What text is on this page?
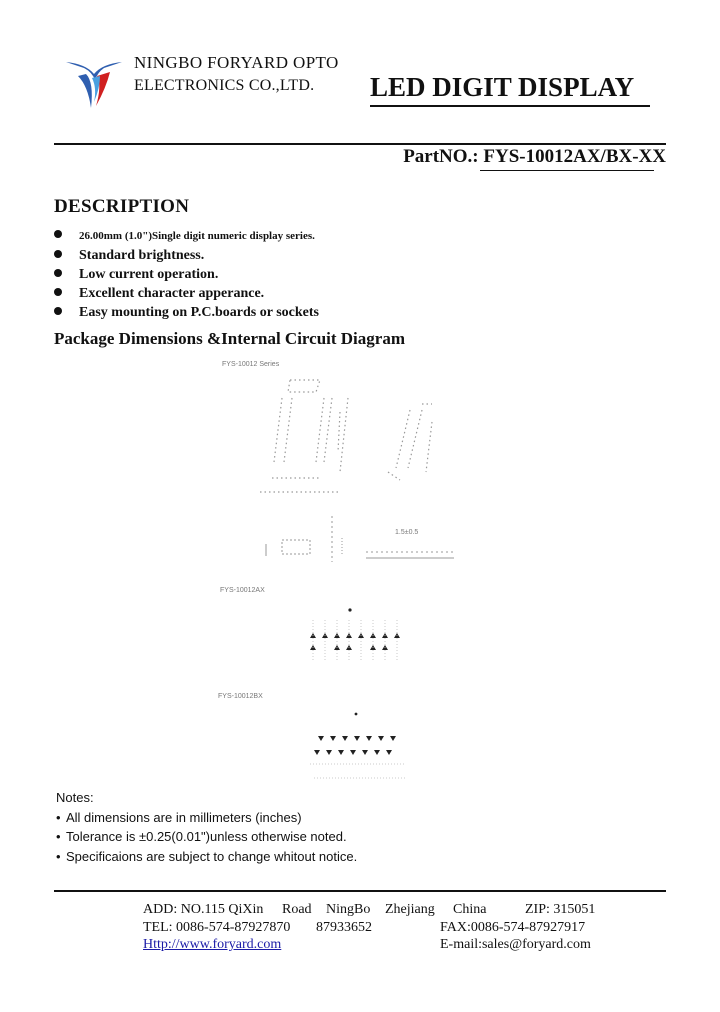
NINGBO FORYARD OPTO
ELECTRONICS CO.,LTD. LED DIGIT DISPLAY
PartNO.: FYS-10012AX/BX-XX
DESCRIPTION
26.00mm (1.0")Single digit numeric display series.
Standard brightness.
Low current operation.
Excellent character apperance.
Easy mounting on P.C.boards or sockets
Package Dimensions &Internal Circuit Diagram
FYS-10012 Series
1.5±0.5
FYS-10012AX
FYS-10012BX
Notes:
• All dimensions are in millimeters (inches)
• Tolerance is ±0.25(0.01")unless otherwise noted.
• Specificaions are subject to change whitout notice.
ADD: NO.115 QiXin Road NingBo Zhejiang China	ZIP: 315051
TEL: 0086-574-87927870 87933652	FAX:0086-574-87927917
Http://www.foryard.com	E-mail:sales@foryard.com
